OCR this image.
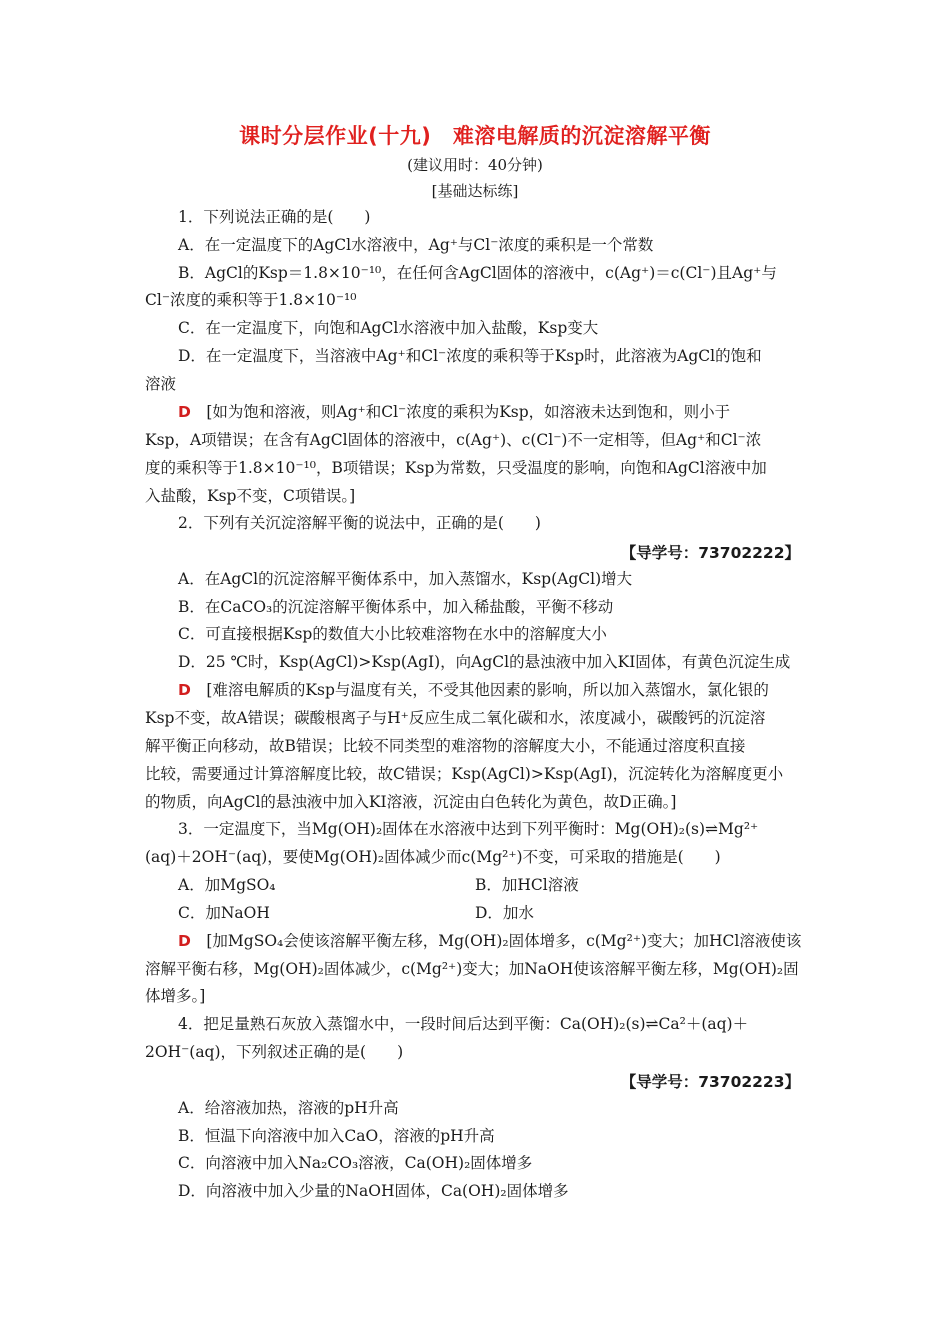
课时分层作业(十九)　难溶电解质的沉淀溶解平衡
(建议用时：40分钟)
[基础达标练]
1．下列说法正确的是(　　)
A．在一定温度下的AgCl水溶液中，Ag⁺与Cl⁻浓度的乘积是一个常数
B．AgCl的Ksp＝1.8×10⁻¹⁰，在任何含AgCl固体的溶液中，c(Ag⁺)＝c(Cl⁻)且Ag⁺与
Cl⁻浓度的乘积等于1.8×10⁻¹⁰
C．在一定温度下，向饱和AgCl水溶液中加入盐酸，Ksp变大
D．在一定温度下，当溶液中Ag⁺和Cl⁻浓度的乘积等于Ksp时，此溶液为AgCl的饱和
溶液
D　[如为饱和溶液，则Ag⁺和Cl⁻浓度的乘积为Ksp，如溶液未达到饱和，则小于
Ksp，A项错误；在含有AgCl固体的溶液中，c(Ag⁺)、c(Cl⁻)不一定相等，但Ag⁺和Cl⁻浓
度的乘积等于1.8×10⁻¹⁰，B项错误；Ksp为常数，只受温度的影响，向饱和AgCl溶液中加
入盐酸，Ksp不变，C项错误。]
2．下列有关沉淀溶解平衡的说法中，正确的是(　　)
A．在AgCl的沉淀溶解平衡体系中，加入蒸馏水，Ksp(AgCl)增大
B．在CaCO₃的沉淀溶解平衡体系中，加入稀盐酸，平衡不移动
C．可直接根据Ksp的数值大小比较难溶物在水中的溶解度大小
D．25 ℃时，Ksp(AgCl)>Ksp(AgI)，向AgCl的悬浊液中加入KI固体，有黄色沉淀生成
D　[难溶电解质的Ksp与温度有关，不受其他因素的影响，所以加入蒸馏水，氯化银的
Ksp不变，故A错误；碳酸根离子与H⁺反应生成二氧化碳和水，浓度减小，碳酸钙的沉淀溶
解平衡正向移动，故B错误；比较不同类型的难溶物的溶解度大小，不能通过溶度积直接
比较，需要通过计算溶解度比较，故C错误；Ksp(AgCl)>Ksp(AgI)，沉淀转化为溶解度更小
的物质，向AgCl的悬浊液中加入KI溶液，沉淀由白色转化为黄色，故D正确。]
3．一定温度下，当Mg(OH)₂固体在水溶液中达到下列平衡时：Mg(OH)₂(s)⇌Mg²⁺
(aq)＋2OH⁻(aq)，要使Mg(OH)₂固体减少而c(Mg²⁺)不变，可采取的措施是(　　)
A．加MgSO₄	B．加HCl溶液
C．加NaOH	D．加水
D　[加MgSO₄会使该溶解平衡左移，Mg(OH)₂固体增多，c(Mg²⁺)变大；加HCl溶液使该
溶解平衡右移，Mg(OH)₂固体减少，c(Mg²⁺)变大；加NaOH使该溶解平衡左移，Mg(OH)₂固
体增多。]
4．把足量熟石灰放入蒸馏水中，一段时间后达到平衡：Ca(OH)₂(s)⇌Ca²＋(aq)＋
2OH⁻(aq)，下列叙述正确的是(　　)
A．给溶液加热，溶液的pH升高
B．恒温下向溶液中加入CaO，溶液的pH升高
C．向溶液中加入Na₂CO₃溶液，Ca(OH)₂固体增多
D．向溶液中加入少量的NaOH固体，Ca(OH)₂固体增多
【导学号：73702222】
【导学号：73702223】
